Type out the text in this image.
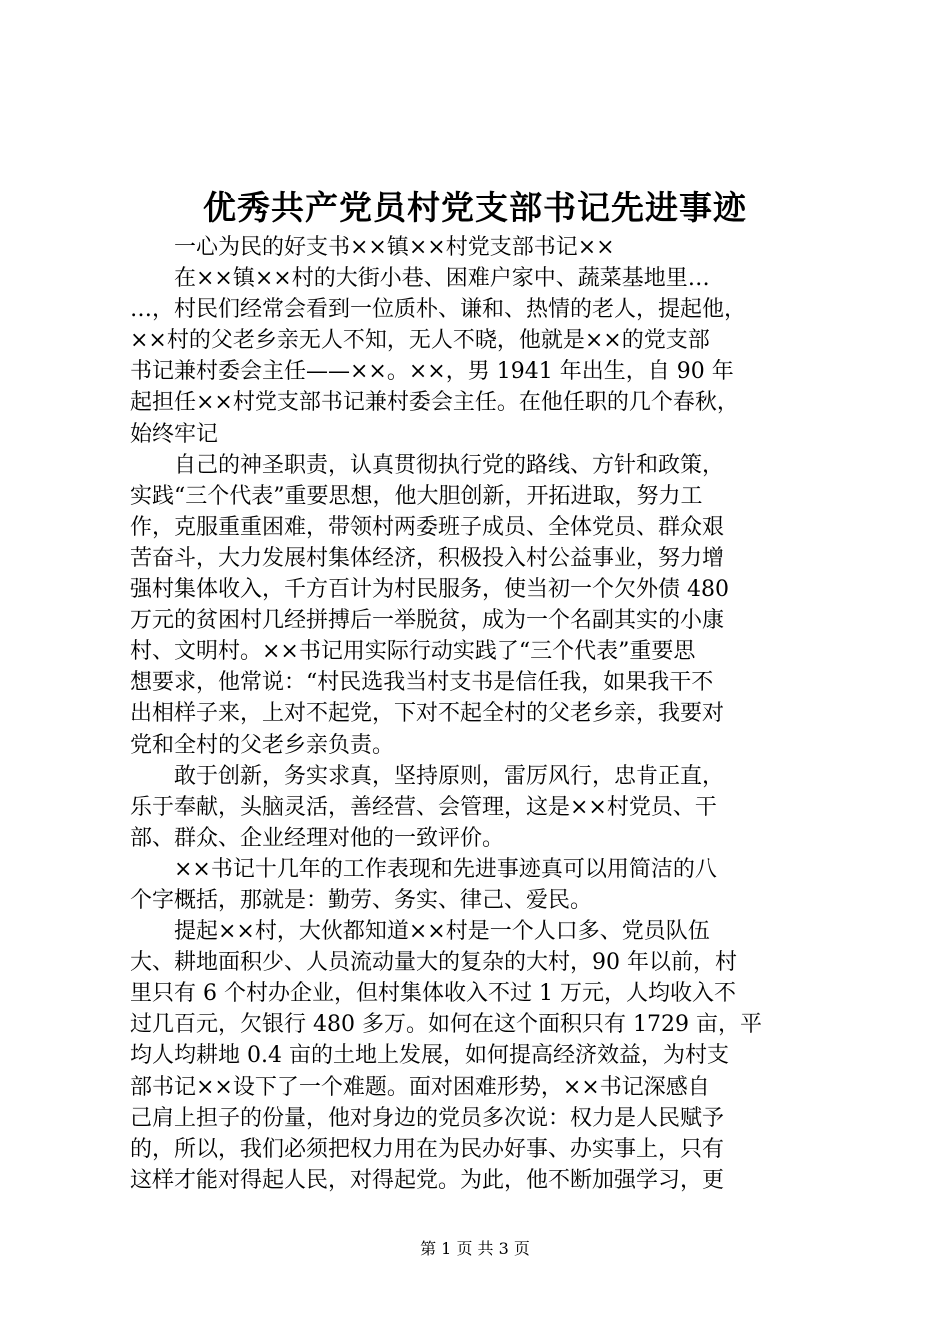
优秀共产党员村党支部书记先进事迹
　　一心为民的好支书××镇××村党支部书记××
　　在××镇××村的大街小巷、困难户家中、蔬菜基地里…
…，村民们经常会看到一位质朴、谦和、热情的老人，提起他，
××村的父老乡亲无人不知，无人不晓，他就是××的党支部
书记兼村委会主任——××。××，男 1941 年出生，自 90 年
起担任××村党支部书记兼村委会主任。在他任职的几个春秋，
始终牢记
　　自己的神圣职责，认真贯彻执行党的路线、方针和政策，
实践“三个代表”重要思想，他大胆创新，开拓进取，努力工
作，克服重重困难，带领村两委班子成员、全体党员、群众艰
苦奋斗，大力发展村集体经济，积极投入村公益事业，努力增
强村集体收入，千方百计为村民服务，使当初一个欠外债 480
万元的贫困村几经拼搏后一举脱贫，成为一个名副其实的小康
村、文明村。××书记用实际行动实践了“三个代表”重要思
想要求，他常说：“村民选我当村支书是信任我，如果我干不
出相样子来，上对不起党，下对不起全村的父老乡亲，我要对
党和全村的父老乡亲负责。
　　敢于创新，务实求真，坚持原则，雷厉风行，忠肯正直，
乐于奉献，头脑灵活，善经营、会管理，这是××村党员、干
部、群众、企业经理对他的一致评价。
　　××书记十几年的工作表现和先进事迹真可以用简洁的八
个字概括，那就是：勤劳、务实、律己、爱民。
　　提起××村，大伙都知道××村是一个人口多、党员队伍
大、耕地面积少、人员流动量大的复杂的大村，90 年以前，村
里只有 6 个村办企业，但村集体收入不过 1 万元，人均收入不
过几百元，欠银行 480 多万。如何在这个面积只有 1729 亩，平
均人均耕地 0.4 亩的土地上发展，如何提高经济效益，为村支
部书记××设下了一个难题。面对困难形势，××书记深感自
己肩上担子的份量，他对身边的党员多次说：权力是人民赋予
的，所以，我们必须把权力用在为民办好事、办实事上，只有
这样才能对得起人民，对得起党。为此，他不断加强学习，更
第 1 页 共 3 页
